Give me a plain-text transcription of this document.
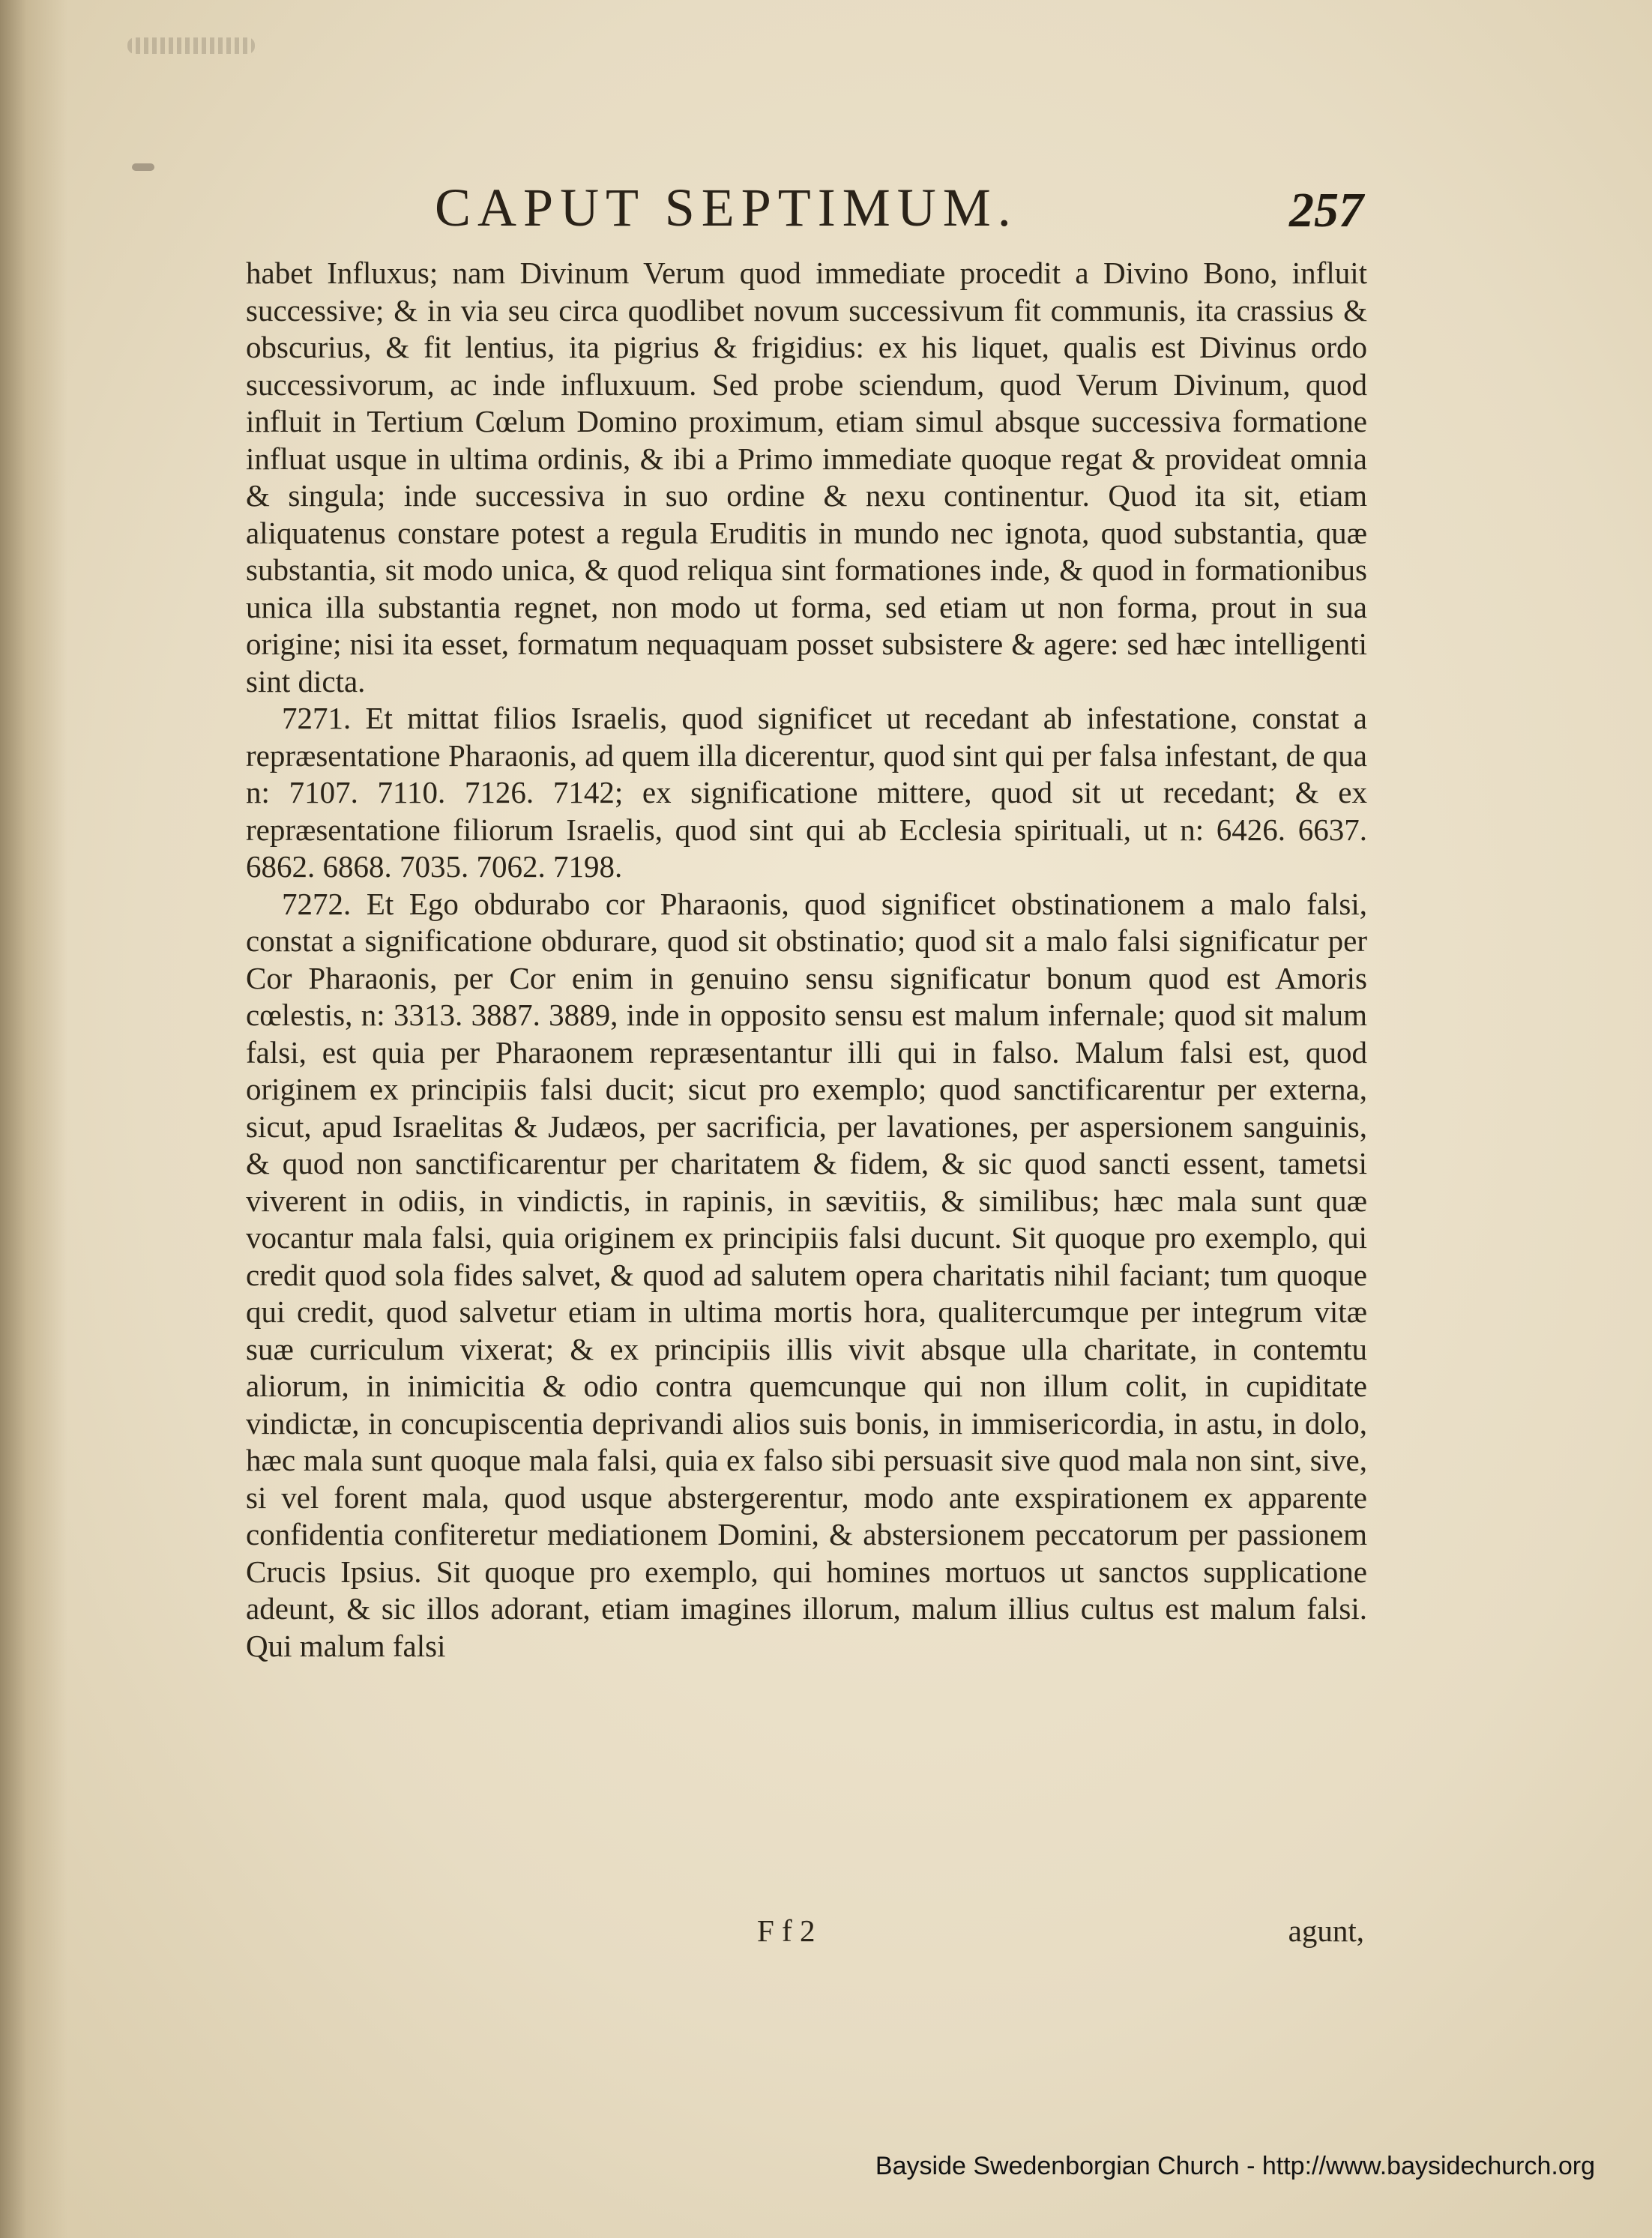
CAPUT SEPTIMUM.	257

habet Influxus; nam Divinum Verum quod immediate procedit a Divino Bono, influit successive; & in via seu circa quodlibet novum successivum fit communis, ita crassius & obscurius, & fit lentius, ita pigrius & frigidius: ex his liquet, qualis est Divinus ordo successivorum, ac inde influxuum. Sed probe sciendum, quod Verum Divinum, quod influit in Tertium Cœlum Domino proximum, etiam simul absque successiva formatione influat usque in ultima ordinis, & ibi a Primo immediate quoque regat & provideat omnia & singula; inde successiva in suo ordine & nexu continentur. Quod ita sit, etiam aliquatenus constare potest a regula Eruditis in mundo nec ignota, quod substantia, quæ substantia, sit modo unica, & quod reliqua sint formationes inde, & quod in formationibus unica illa substantia regnet, non modo ut forma, sed etiam ut non forma, prout in sua origine; nisi ita esset, formatum nequaquam posset subsistere & agere: sed hæc intelligenti sint dicta.

7271. Et mittat filios Israelis, quod significet ut recedant ab infestatione, constat a repræsentatione Pharaonis, ad quem illa dicerentur, quod sint qui per falsa infestant, de qua n: 7107. 7110. 7126. 7142; ex significatione mittere, quod sit ut recedant; & ex repræsentatione filiorum Israelis, quod sint qui ab Ecclesia spirituali, ut n: 6426. 6637. 6862. 6868. 7035. 7062. 7198.

7272. Et Ego obdurabo cor Pharaonis, quod significet obstinationem a malo falsi, constat a significatione obdurare, quod sit obstinatio; quod sit a malo falsi significatur per Cor Pharaonis, per Cor enim in genuino sensu significatur bonum quod est Amoris cœlestis, n: 3313. 3887. 3889, inde in opposito sensu est malum infernale; quod sit malum falsi, est quia per Pharaonem repræsentantur illi qui in falso. Malum falsi est, quod originem ex principiis falsi ducit; sicut pro exemplo; quod sanctificarentur per externa, sicut, apud Israelitas & Judæos, per sacrificia, per lavationes, per aspersionem sanguinis, & quod non sanctificarentur per charitatem & fidem, & sic quod sancti essent, tametsi viverent in odiis, in vindictis, in rapinis, in sævitiis, & similibus; hæc mala sunt quæ vocantur mala falsi, quia originem ex principiis falsi ducunt. Sit quoque pro exemplo, qui credit quod sola fides salvet, & quod ad salutem opera charitatis nihil faciant; tum quoque qui credit, quod salvetur etiam in ultima mortis hora, qualitercumque per integrum vitæ suæ curriculum vixerat; & ex principiis illis vivit absque ulla charitate, in contemtu aliorum, in inimicitia & odio contra quemcunque qui non illum colit, in cupiditate vindictæ, in concupiscentia deprivandi alios suis bonis, in immisericordia, in astu, in dolo, hæc mala sunt quoque mala falsi, quia ex falso sibi persuasit sive quod mala non sint, sive, si vel forent mala, quod usque abstergerentur, modo ante exspirationem ex apparente confidentia confiteretur mediationem Domini, & abstersionem peccatorum per passionem Crucis Ipsius. Sit quoque pro exemplo, qui homines mortuos ut sanctos supplicatione adeunt, & sic illos adorant, etiam imagines illorum, malum illius cultus est malum falsi. Qui malum falsi

F f 2	agunt,
Bayside Swedenborgian Church - http://www.baysidechurch.org
